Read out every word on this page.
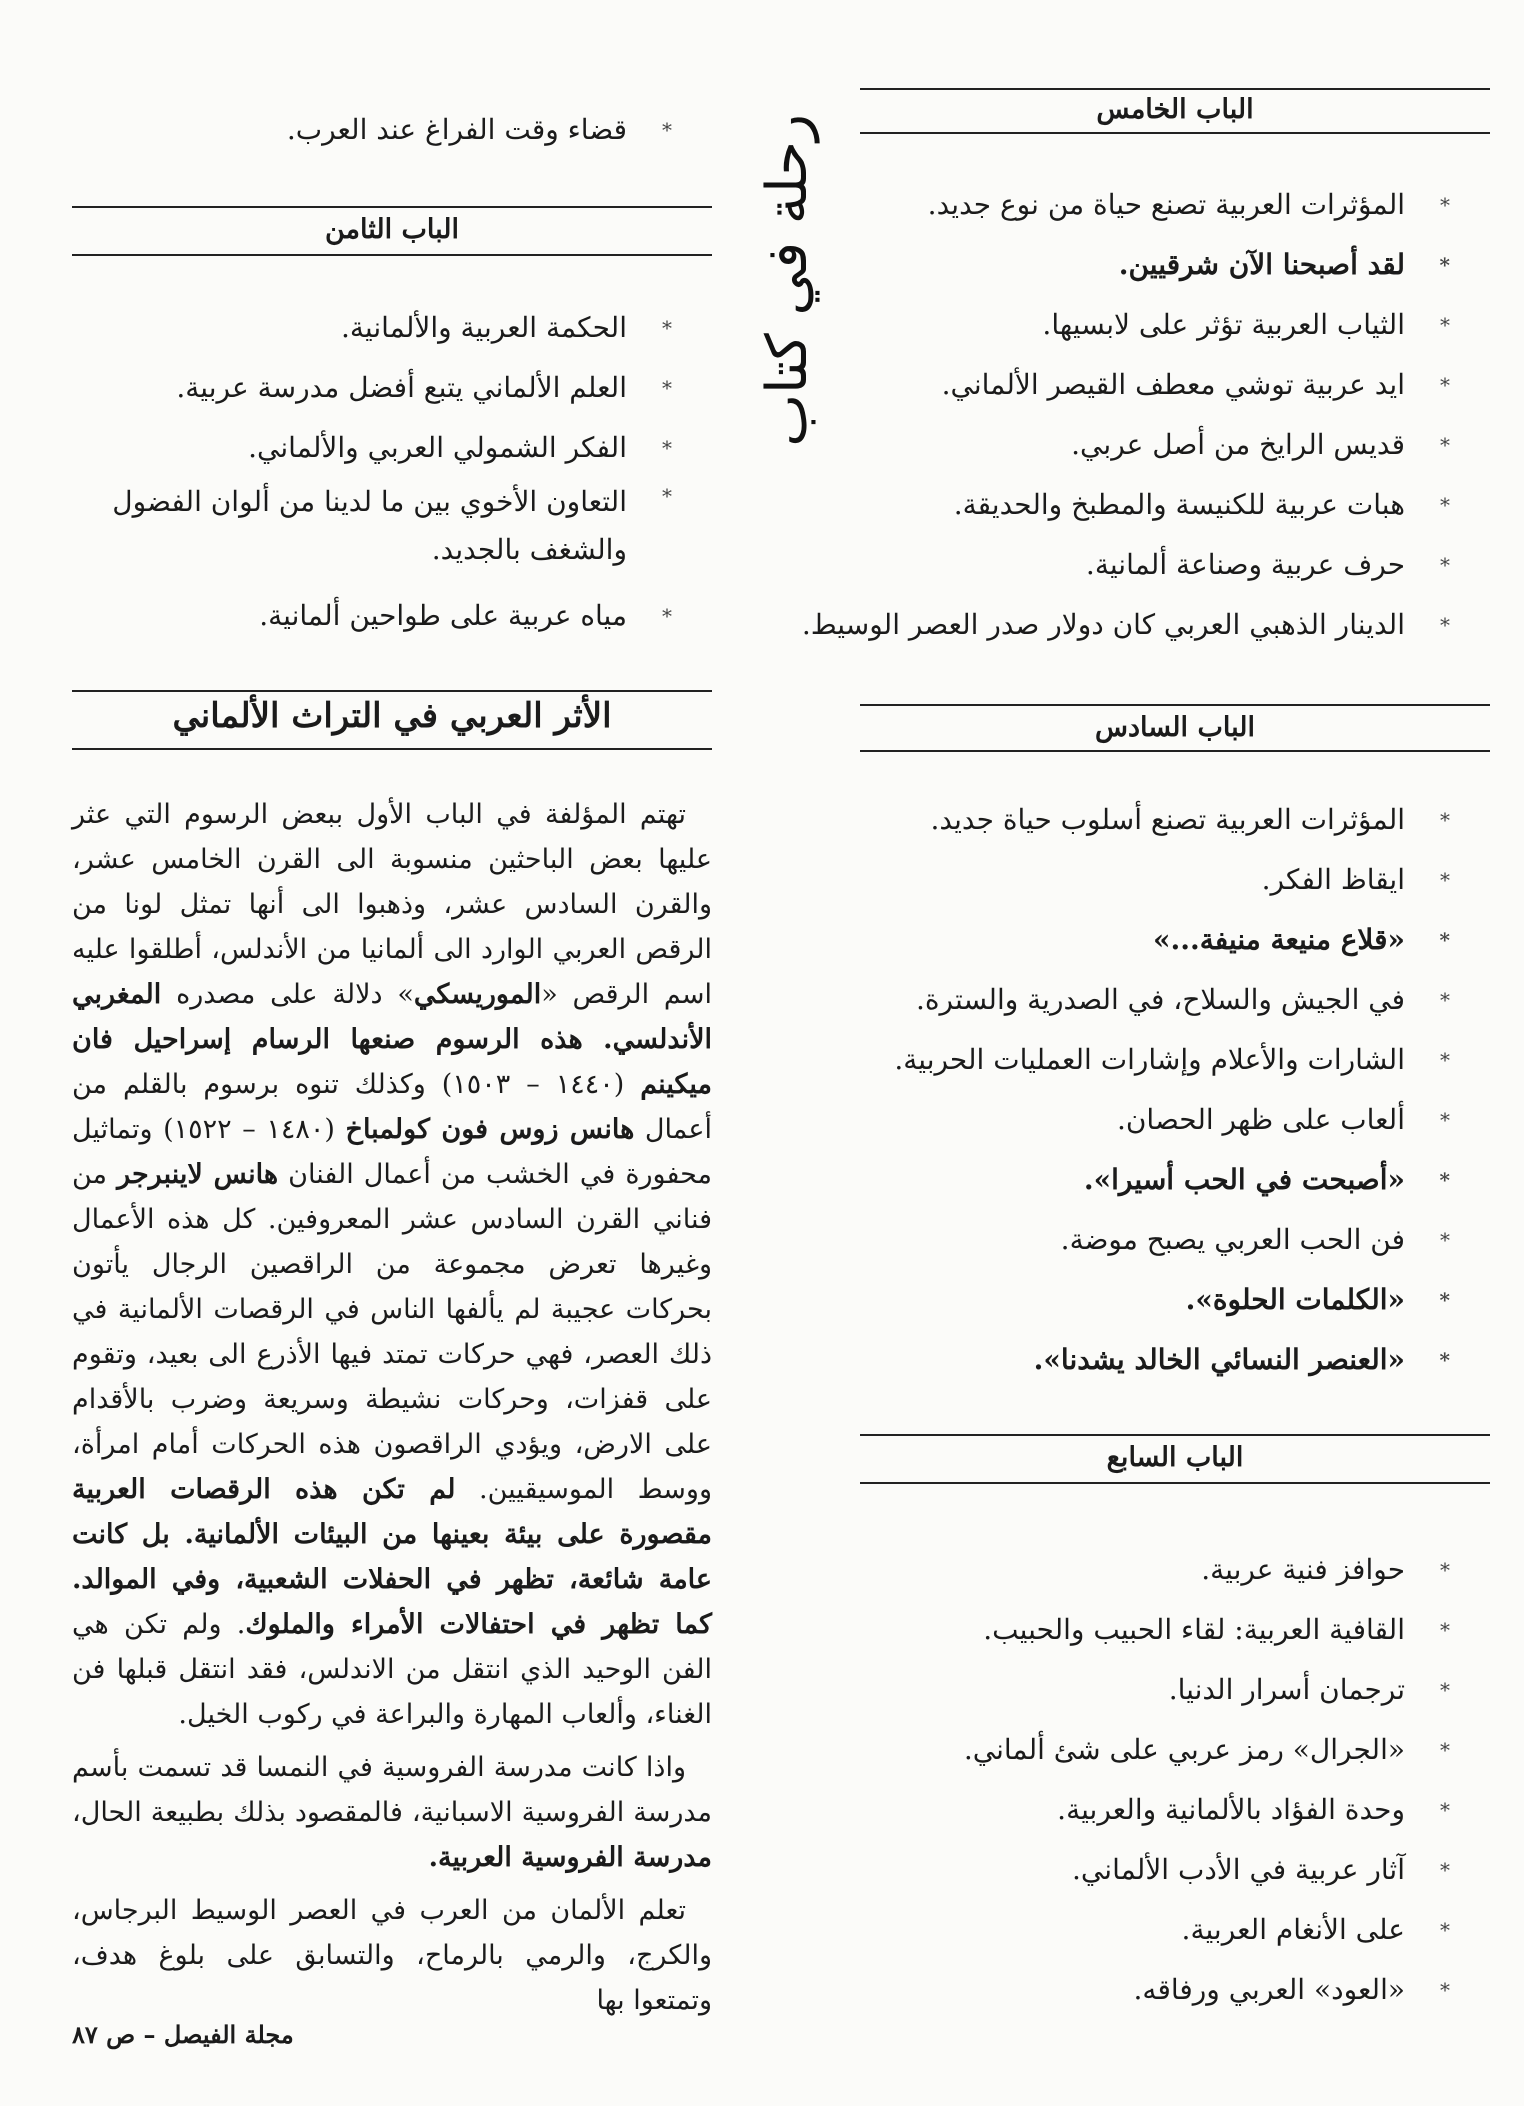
الباب الخامس
*
المؤثرات العربية تصنع حياة من نوع جديد.
*
لقد أصبحنا الآن شرقيين.
*
الثياب العربية تؤثر على لابسيها.
*
ايد عربية توشي معطف القيصر الألماني.
*
قديس الرايخ من أصل عربي.
*
هبات عربية للكنيسة والمطبخ والحديقة.
*
حرف عربية وصناعة ألمانية.
*
الدينار الذهبي العربي كان دولار صدر العصر الوسيط.
الباب السادس
*
المؤثرات العربية تصنع أسلوب حياة جديد.
*
ايقاظ الفكر.
*
«قلاع منيعة منيفة...»
*
في الجيش والسلاح، في الصدرية والسترة.
*
الشارات والأعلام وإشارات العمليات الحربية.
*
ألعاب على ظهر الحصان.
*
«أصبحت في الحب أسيرا».
*
فن الحب العربي يصبح موضة.
*
«الكلمات الحلوة».
*
«العنصر النسائي الخالد يشدنا».
الباب السابع
*
حوافز فنية عربية.
*
القافية العربية: لقاء الحبيب والحبيب.
*
ترجمان أسرار الدنيا.
*
«الجرال» رمز عربي على شئ ألماني.
*
وحدة الفؤاد بالألمانية والعربية.
*
آثار عربية في الأدب الألماني.
*
على الأنغام العربية.
*
«العود» العربي ورفاقه.
رحلة في كتاب
*
قضاء وقت الفراغ عند العرب.
الباب الثامن
*
الحكمة العربية والألمانية.
*
العلم الألماني يتبع أفضل مدرسة عربية.
*
الفكر الشمولي العربي والألماني.
*
التعاون الأخوي بين ما لدينا من ألوان الفضول والشغف بالجديد.
*
مياه عربية على طواحين ألمانية.
الأثر العربي في التراث الألماني

تهتم المؤلفة في الباب الأول ببعض الرسوم التي عثر عليها بعض الباحثين منسوبة الى القرن الخامس عشر، والقرن السادس عشر، وذهبوا الى أنها تمثل لونا من الرقص العربي الوارد الى ألمانيا من الأندلس، أطلقوا عليه اسم الرقص «الموريسكي» دلالة على مصدره المغربي الأندلسي. هذه الرسوم صنعها الرسام إسراحيل فان ميكينم (١٤٤٠ – ١٥٠٣) وكذلك تنوه برسوم بالقلم من أعمال هانس زوس فون كولمباخ (١٤٨٠ – ١٥٢٢) وتماثيل محفورة في الخشب من أعمال الفنان هانس لاينبرجر من فناني القرن السادس عشر المعروفين. كل هذه الأعمال وغيرها تعرض مجموعة من الراقصين الرجال يأتون بحركات عجيبة لم يألفها الناس في الرقصات الألمانية في ذلك العصر، فهي حركات تمتد فيها الأذرع الى بعيد، وتقوم على قفزات، وحركات نشيطة وسريعة وضرب بالأقدام على الارض، ويؤدي الراقصون هذه الحركات أمام امرأة، ووسط الموسيقيين. لم تكن هذه الرقصات العربية مقصورة على بيئة بعينها من البيئات الألمانية. بل كانت عامة شائعة، تظهر في الحفلات الشعبية، وفي الموالد. كما تظهر في احتفالات الأمراء والملوك. ولم تكن هي الفن الوحيد الذي انتقل من الاندلس، فقد انتقل قبلها فن الغناء، وألعاب المهارة والبراعة في ركوب الخيل.

واذا كانت مدرسة الفروسية في النمسا قد تسمت بأسم مدرسة الفروسية الاسبانية، فالمقصود بذلك بطبيعة الحال، مدرسة الفروسية العربية.

تعلم الألمان من العرب في العصر الوسيط البرجاس، والكرج، والرمي بالرماح، والتسابق على بلوغ هدف، وتمتعوا بها

مجلة الفيصل – ص ٨٧
